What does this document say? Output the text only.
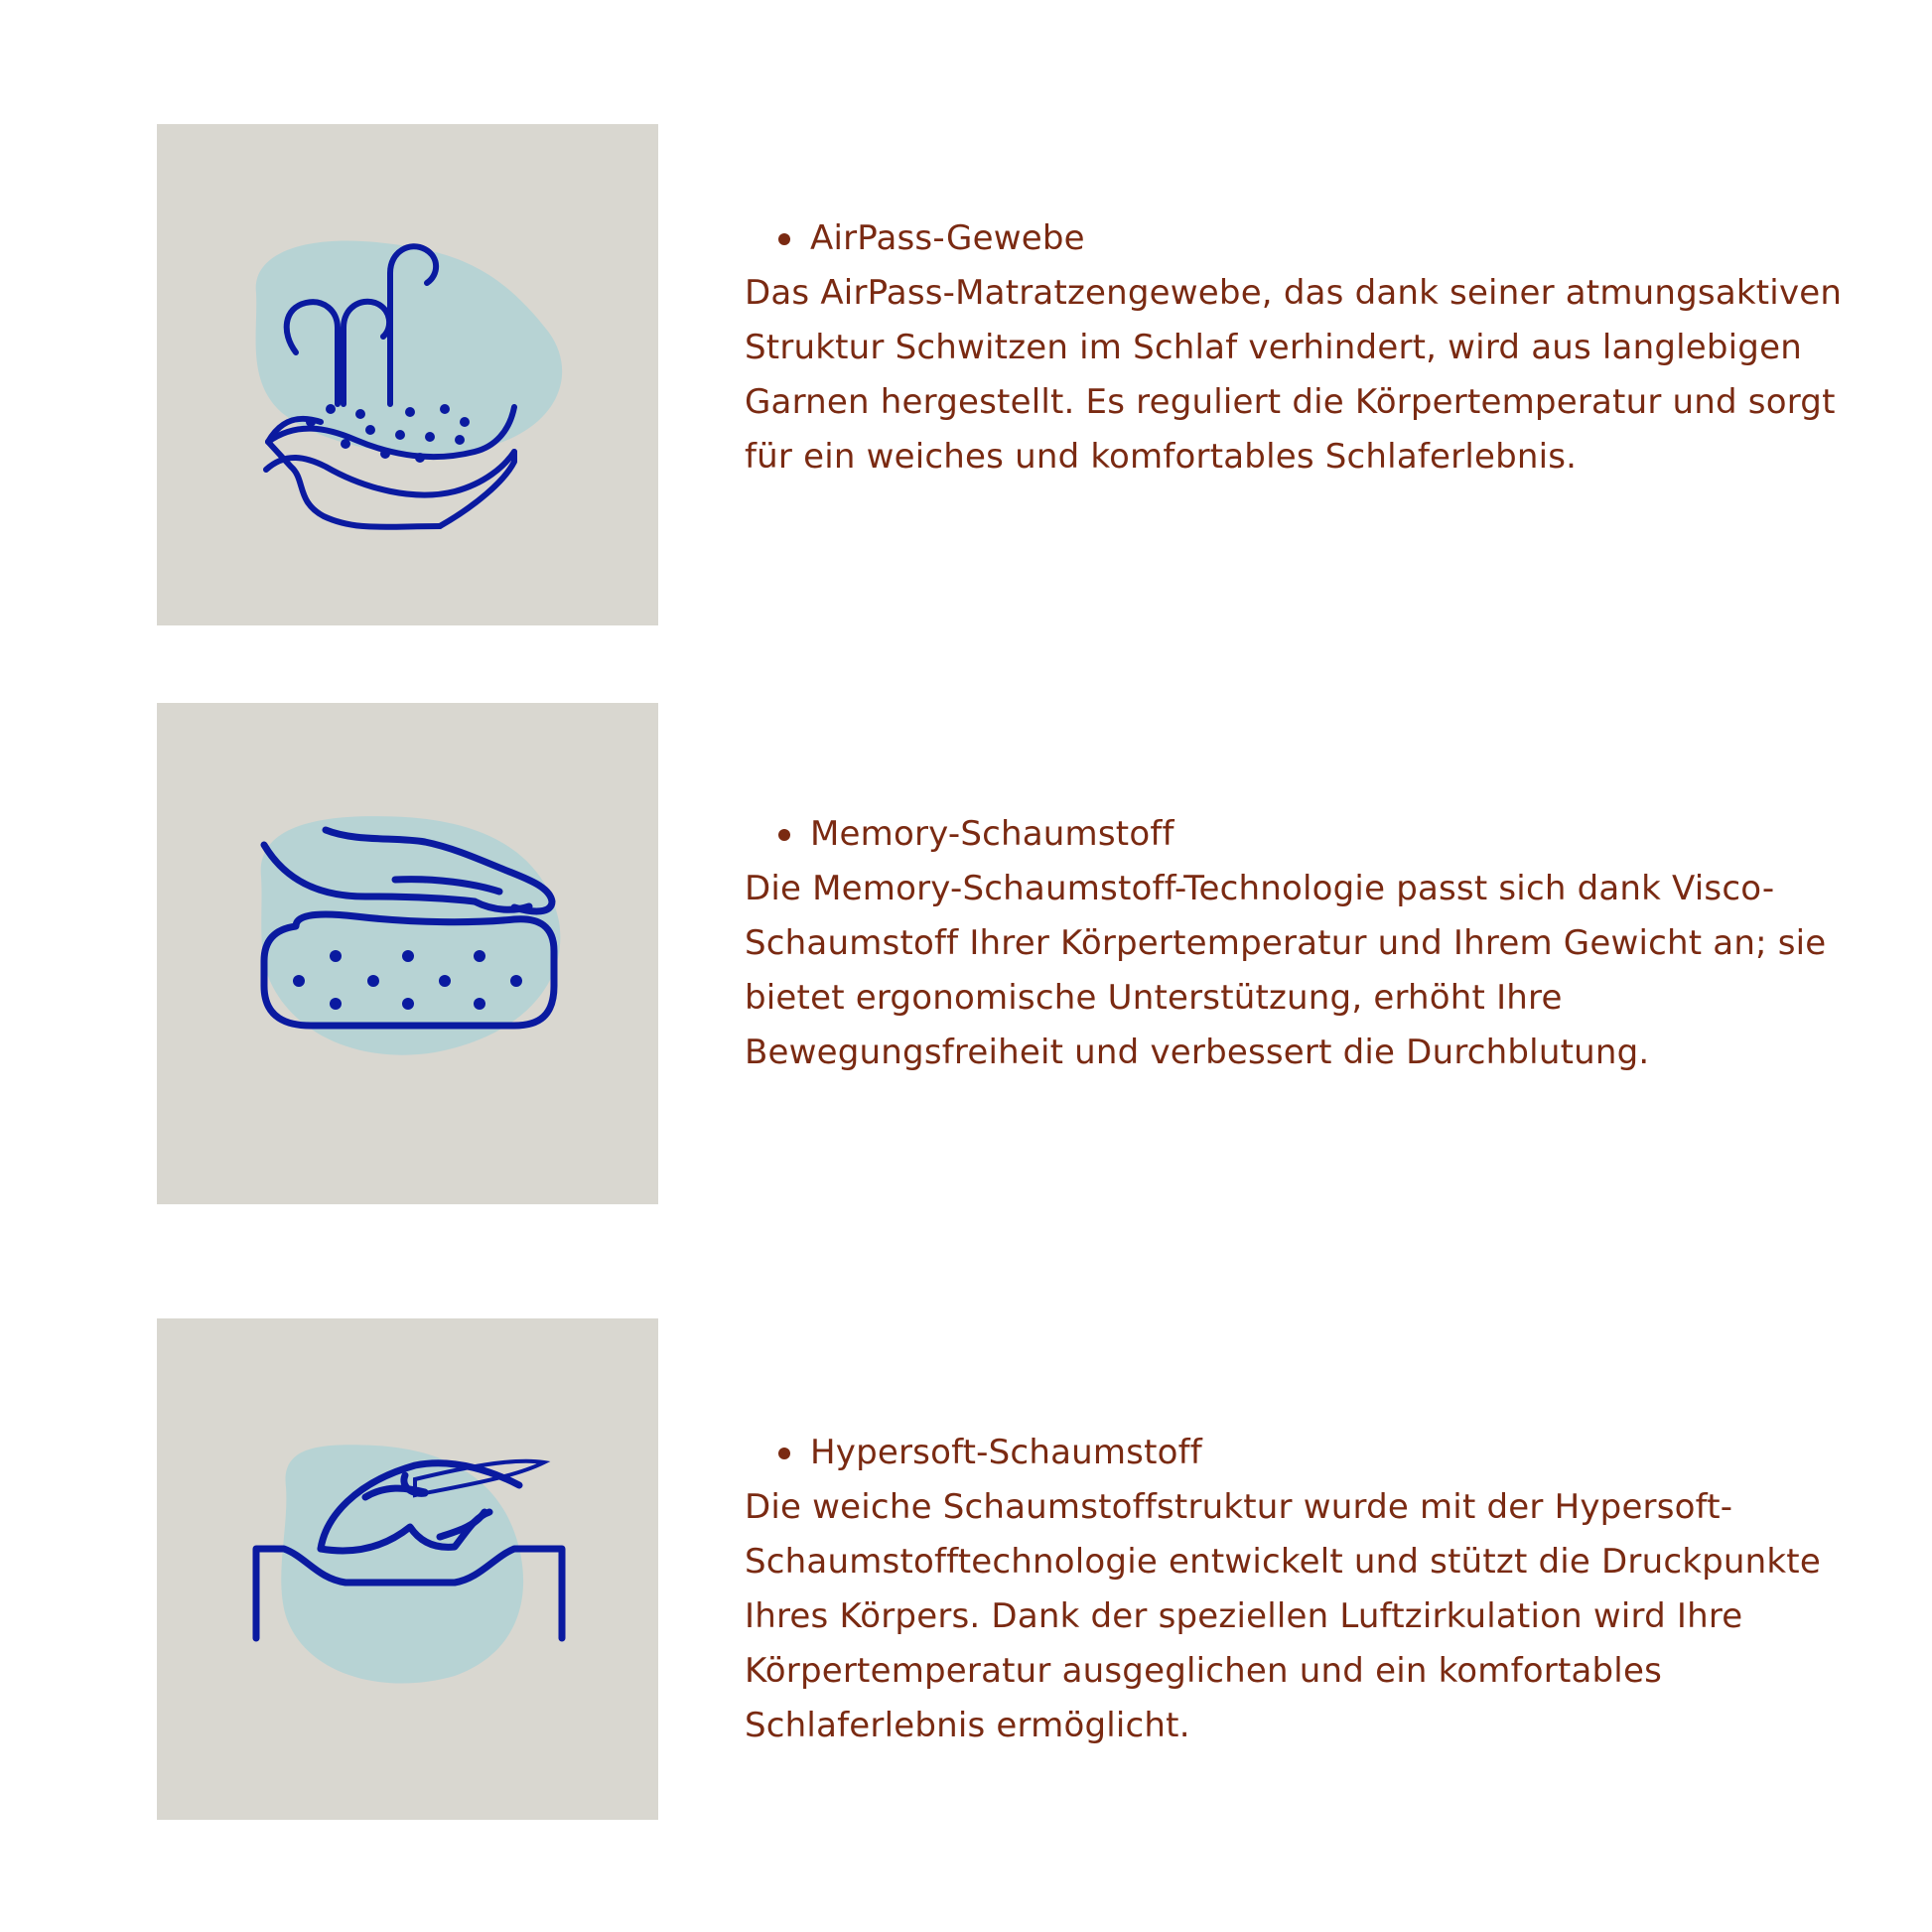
AirPass-Gewebe

Das AirPass-Matratzengewebe, das dank seiner atmungsaktiven Struktur Schwitzen im Schlaf verhindert, wird aus langlebigen Garnen hergestellt. Es reguliert die Körpertemperatur und sorgt für ein weiches und komfortables Schlaferlebnis.

Memory-Schaumstoff

Die Memory-Schaumstoff-Technologie passt sich dank Visco-Schaumstoff Ihrer Körpertemperatur und Ihrem Gewicht an; sie bietet ergonomische Unterstützung, erhöht Ihre Bewegungsfreiheit und verbessert die Durchblutung.

Hypersoft-Schaumstoff

Die weiche Schaumstoffstruktur wurde mit der Hypersoft-Schaumstofftechnologie entwickelt und stützt die Druckpunkte Ihres Körpers. Dank der speziellen Luftzirkulation wird Ihre Körpertemperatur ausgeglichen und ein komfortables Schlaferlebnis ermöglicht.
